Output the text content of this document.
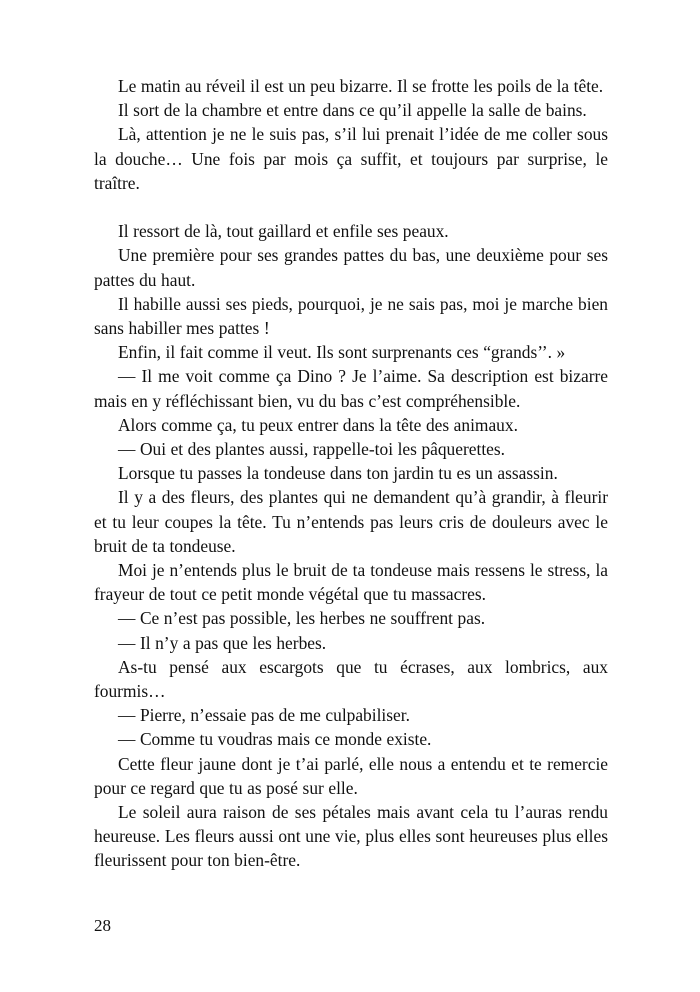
Le matin au réveil il est un peu bizarre. Il se frotte les poils de la tête.

Il sort de la chambre et entre dans ce qu’il appelle la salle de bains.

Là, attention je ne le suis pas, s’il lui prenait l’idée de me coller sous la douche… Une fois par mois ça suffit, et toujours par surprise, le traître.

Il ressort de là, tout gaillard et enfile ses peaux.

Une première pour ses grandes pattes du bas, une deuxième pour ses pattes du haut.

Il habille aussi ses pieds, pourquoi, je ne sais pas, moi je marche bien sans habiller mes pattes !

Enfin, il fait comme il veut. Ils sont surprenants ces “grands’’. »

— Il me voit comme ça Dino ? Je l’aime. Sa description est bizarre mais en y réfléchissant bien, vu du bas c’est compréhensible.

Alors comme ça, tu peux entrer dans la tête des animaux.

— Oui et des plantes aussi, rappelle-toi les pâquerettes.

Lorsque tu passes la tondeuse dans ton jardin tu es un assassin.

Il y a des fleurs, des plantes qui ne demandent qu’à grandir, à fleurir et tu leur coupes la tête. Tu n’entends pas leurs cris de douleurs avec le bruit de ta tondeuse.

Moi je n’entends plus le bruit de ta tondeuse mais ressens le stress, la frayeur de tout ce petit monde végétal que tu massacres.

— Ce n’est pas possible, les herbes ne souffrent pas.

— Il n’y a pas que les herbes.

As-tu pensé aux escargots que tu écrases, aux lombrics, aux fourmis…

— Pierre, n’essaie pas de me culpabiliser.

— Comme tu voudras mais ce monde existe.

Cette fleur jaune dont je t’ai parlé, elle nous a entendu et te remercie pour ce regard que tu as posé sur elle.

Le soleil aura raison de ses pétales mais avant cela tu l’auras rendu heureuse. Les fleurs aussi ont une vie, plus elles sont heureuses plus elles fleurissent pour ton bien-être.

28
